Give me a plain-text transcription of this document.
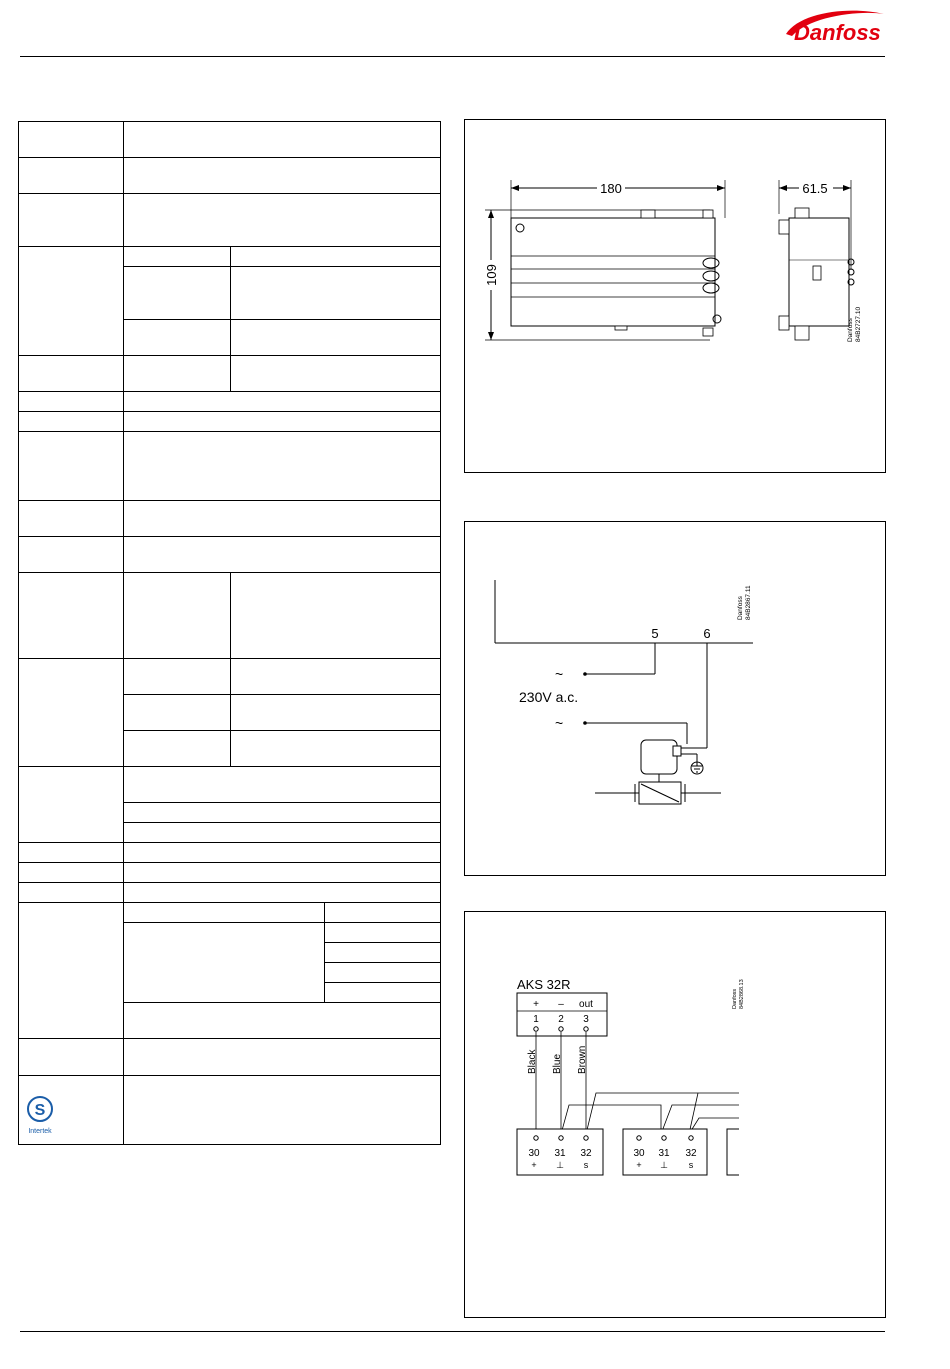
Danfoss

S
Intertek			

180
109
61.5
Danfoss 84B2727.10
Danfoss 84B2867.11
5	6
~
230V a.c.
~
AKS 32R
Danfoss 84B2868.13
+ – out
1 2 3
Black Blue Brown
30 31 32
+ ⊥ s
30 31 32
+ ⊥ s
